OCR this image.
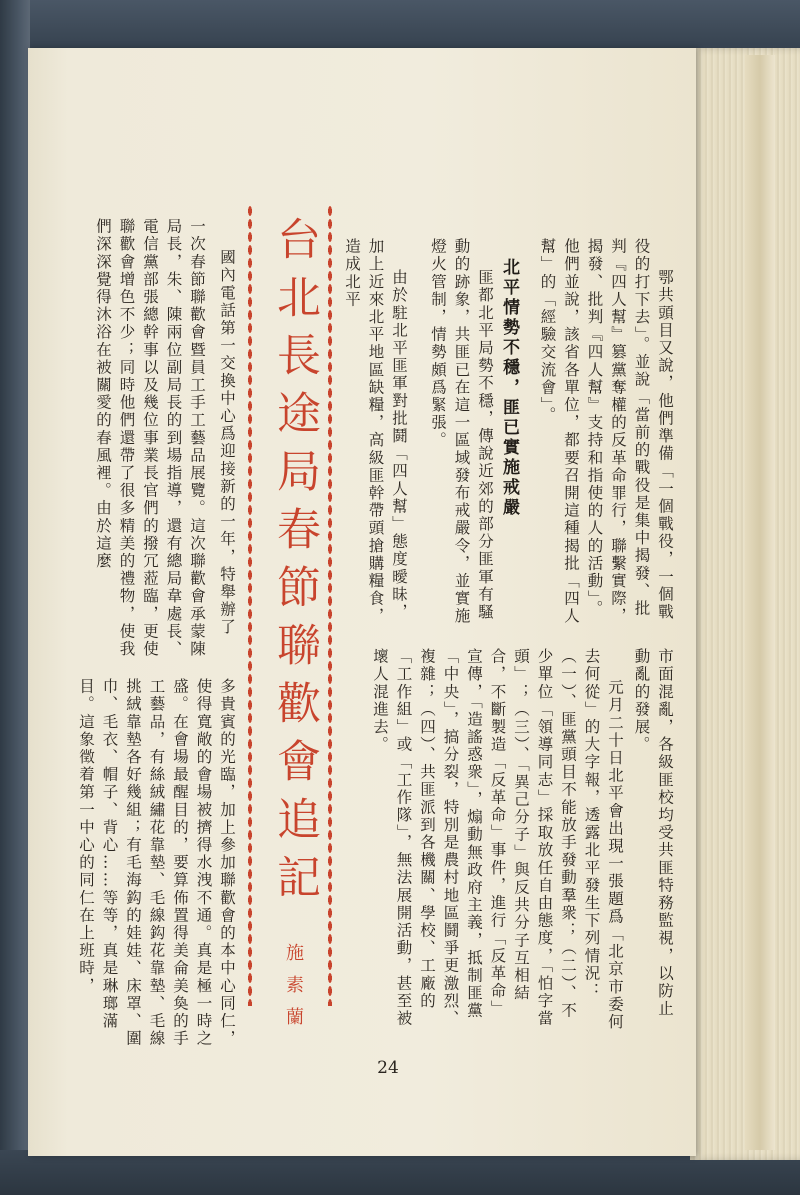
鄂共頭目又說，他們準備「一個戰役，一個戰役的打下去」。並說「當前的戰役是集中揭發、批判『四人幫』篡黨奪權的反革命罪行，聯繫實際，揭發、批判『四人幫』支持和指使的人的活動」。他們並說，該省各單位，都要召開這種揭批「四人幫」的「經驗交流會」。
北平情勢不穩，匪已實施戒嚴
匪都北平局勢不穩，傳說近郊的部分匪軍有騷動的跡象，共匪已在這一區域發布戒嚴令，並實施燈火管制，情勢頗爲緊張。
由於駐北平匪軍對批鬪「四人幫」態度曖昧，加上近來北平地區缺糧，高級匪幹帶頭搶購糧食，造成北平
市面混亂，各級匪校均受共匪特務監視，以防止動亂的發展。
元月二十日北平會出現一張題爲「北京市委何去何從」的大字報，透露北平發生下列情況：（一）、匪黨頭目不能放手發動羣衆；（二）、不少單位「領導同志」採取放任自由態度，「怕字當頭」；（三）、「異己分子」與反共分子互相結合，不斷製造「反革命」事件，進行「反革命」宣傳，「造謠惑衆」，煽動無政府主義，抵制匪黨「中央」，搞分裂，特別是農村地區鬪爭更激烈、複雜；（四）、共匪派到各機關、學校、工廠的「工作組」或「工作隊」，無法展開活動，甚至被壞人混進去。
台北長途局春節聯歡會追記
施素蘭
國內電話第一交換中心爲迎接新的一年，特舉辦了
一次春節聯歡會暨員工手工藝品展覽。這次聯歡會承蒙陳局長，朱、陳兩位副局長的到場指導，還有總局韋處長、電信黨部張總幹事以及幾位事業長官們的撥冗蒞臨，更使聯歡會增色不少；同時他們還帶了很多精美的禮物，使我們深深覺得沐浴在被關愛的春風裡。由於這麼
多貴賓的光臨，加上參加聯歡會的本中心同仁，使得寬敞的會場被擠得水洩不通。真是極一時之盛。在會場最醒目的，要算佈置得美侖美奐的手工藝品，有絲絨繡花靠墊、毛線鈎花靠墊、毛線挑絨靠墊各好幾組；有毛海鈎的娃娃、床罩、圍巾、毛衣、帽子、背心……等等，真是琳瑯滿目。這象徵着第一中心的同仁在上班時，
24
